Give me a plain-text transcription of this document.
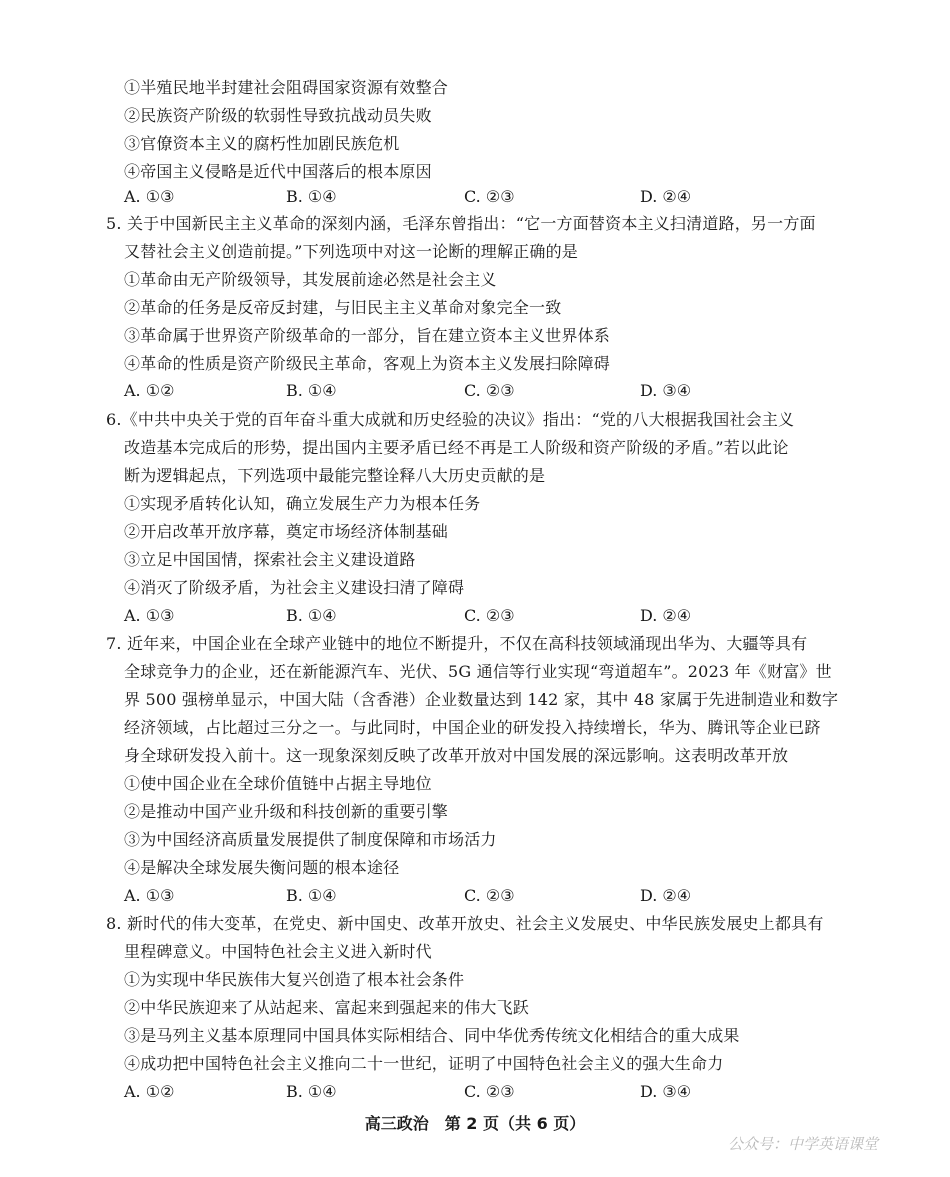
①半殖民地半封建社会阻碍国家资源有效整合
②民族资产阶级的软弱性导致抗战动员失败
③官僚资本主义的腐朽性加剧民族危机
④帝国主义侵略是近代中国落后的根本原因
A. ①③	B. ①④	C. ②③	D. ②④
5. 关于中国新民主主义革命的深刻内涵，毛泽东曾指出：“它一方面替资本主义扫清道路，另一方面
又替社会主义创造前提。”下列选项中对这一论断的理解正确的是
①革命由无产阶级领导，其发展前途必然是社会主义
②革命的任务是反帝反封建，与旧民主主义革命对象完全一致
③革命属于世界资产阶级革命的一部分，旨在建立资本主义世界体系
④革命的性质是资产阶级民主革命，客观上为资本主义发展扫除障碍
A. ①②	B. ①④	C. ②③	D. ③④
6.《中共中央关于党的百年奋斗重大成就和历史经验的决议》指出：“党的八大根据我国社会主义
改造基本完成后的形势，提出国内主要矛盾已经不再是工人阶级和资产阶级的矛盾。”若以此论
断为逻辑起点，下列选项中最能完整诠释八大历史贡献的是
①实现矛盾转化认知，确立发展生产力为根本任务
②开启改革开放序幕，奠定市场经济体制基础
③立足中国国情，探索社会主义建设道路
④消灭了阶级矛盾，为社会主义建设扫清了障碍
A. ①③	B. ①④	C. ②③	D. ②④
7. 近年来，中国企业在全球产业链中的地位不断提升，不仅在高科技领域涌现出华为、大疆等具有
全球竞争力的企业，还在新能源汽车、光伏、5G 通信等行业实现“弯道超车”。2023 年《财富》世
界 500 强榜单显示，中国大陆（含香港）企业数量达到 142 家，其中 48 家属于先进制造业和数字
经济领域，占比超过三分之一。与此同时，中国企业的研发投入持续增长，华为、腾讯等企业已跻
身全球研发投入前十。这一现象深刻反映了改革开放对中国发展的深远影响。这表明改革开放
①使中国企业在全球价值链中占据主导地位
②是推动中国产业升级和科技创新的重要引擎
③为中国经济高质量发展提供了制度保障和市场活力
④是解决全球发展失衡问题的根本途径
A. ①③	B. ①④	C. ②③	D. ②④
8. 新时代的伟大变革，在党史、新中国史、改革开放史、社会主义发展史、中华民族发展史上都具有
里程碑意义。中国特色社会主义进入新时代
①为实现中华民族伟大复兴创造了根本社会条件
②中华民族迎来了从站起来、富起来到强起来的伟大飞跃
③是马列主义基本原理同中国具体实际相结合、同中华优秀传统文化相结合的重大成果
④成功把中国特色社会主义推向二十一世纪，证明了中国特色社会主义的强大生命力
A. ①②	B. ①④	C. ②③	D. ③④
高三政治　第 2 页（共 6 页）
公众号：中学英语课堂
